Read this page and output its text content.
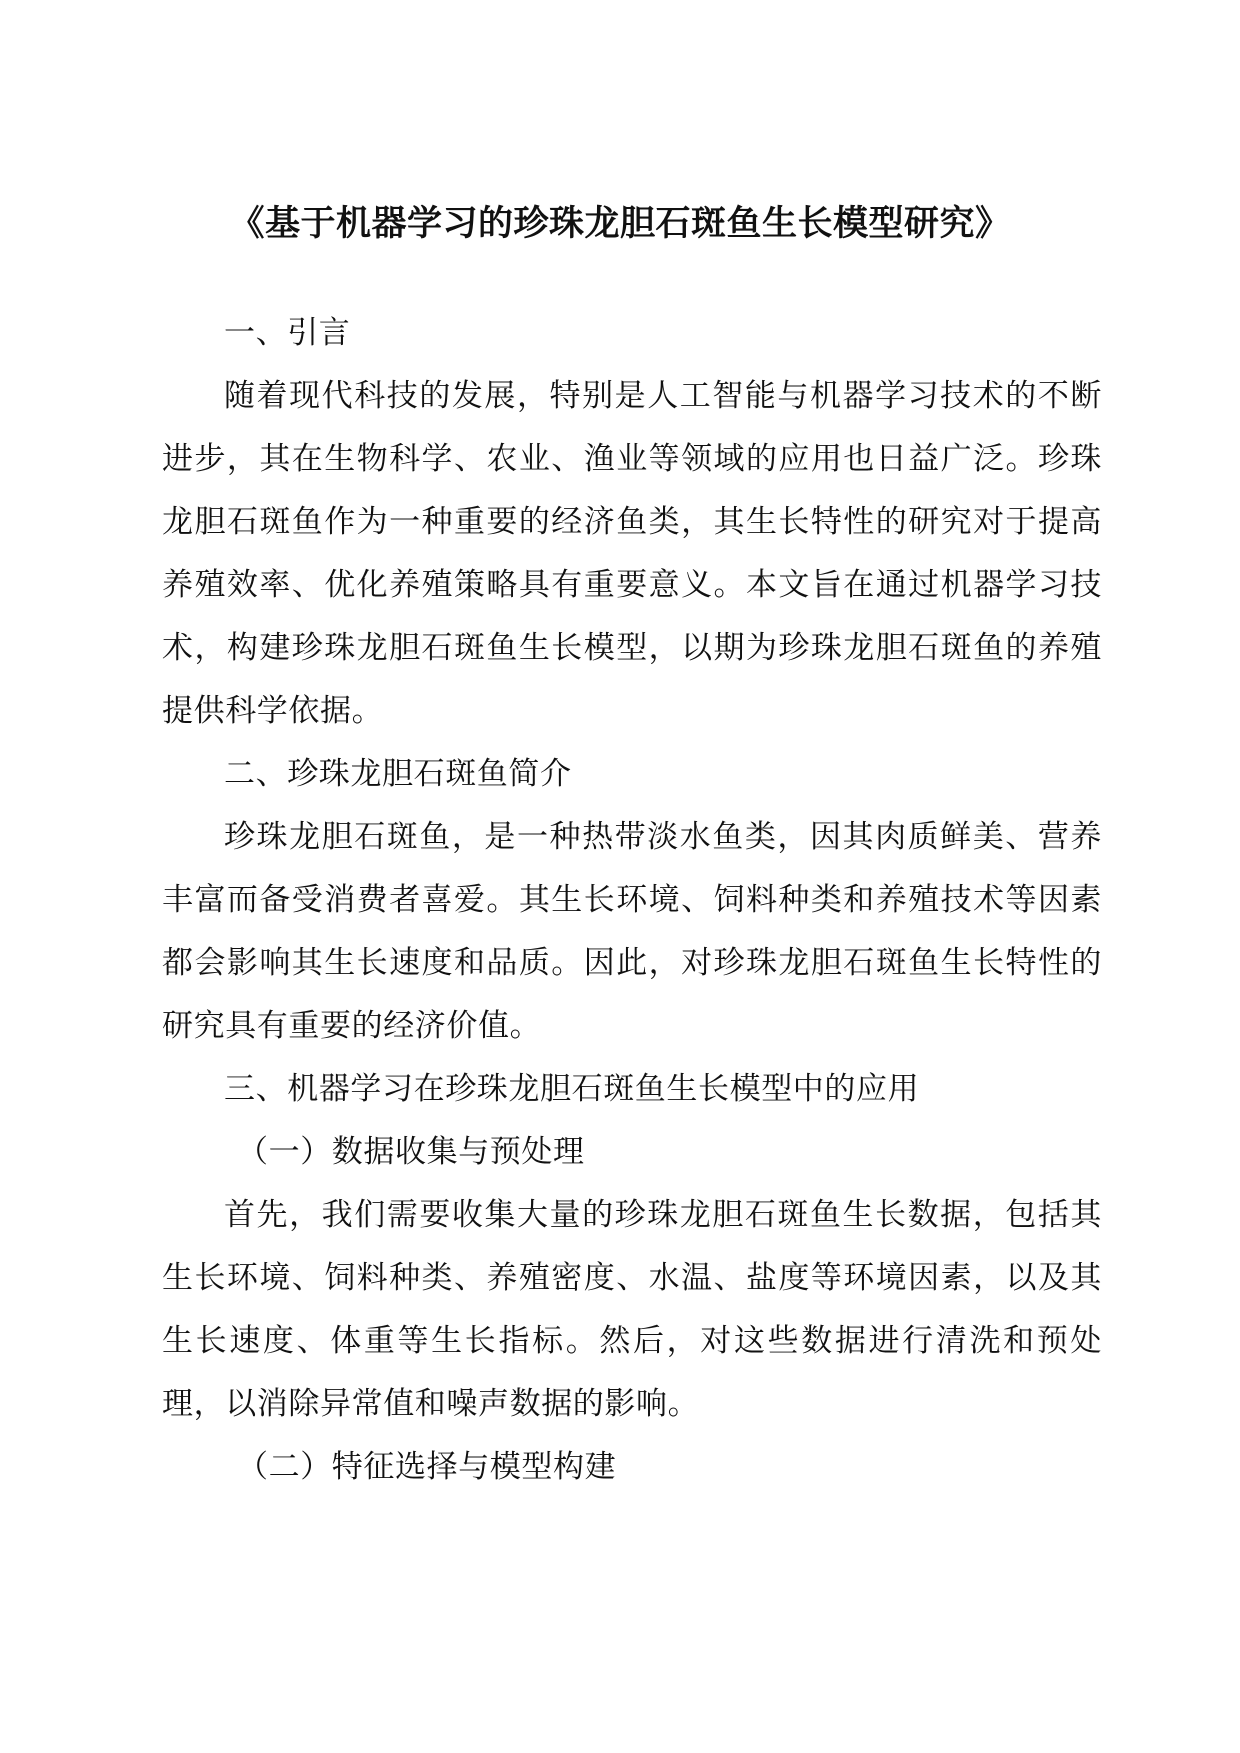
《基于机器学习的珍珠龙胆石斑鱼生长模型研究》

一、引言

随着现代科技的发展，特别是人工智能与机器学习技术的不断进步，其在生物科学、农业、渔业等领域的应用也日益广泛。珍珠龙胆石斑鱼作为一种重要的经济鱼类，其生长特性的研究对于提高养殖效率、优化养殖策略具有重要意义。本文旨在通过机器学习技术，构建珍珠龙胆石斑鱼生长模型，以期为珍珠龙胆石斑鱼的养殖提供科学依据。

二、珍珠龙胆石斑鱼简介

珍珠龙胆石斑鱼，是一种热带淡水鱼类，因其肉质鲜美、营养丰富而备受消费者喜爱。其生长环境、饲料种类和养殖技术等因素都会影响其生长速度和品质。因此，对珍珠龙胆石斑鱼生长特性的研究具有重要的经济价值。

三、机器学习在珍珠龙胆石斑鱼生长模型中的应用

（一）数据收集与预处理

首先，我们需要收集大量的珍珠龙胆石斑鱼生长数据，包括其生长环境、饲料种类、养殖密度、水温、盐度等环境因素，以及其生长速度、体重等生长指标。然后，对这些数据进行清洗和预处理，以消除异常值和噪声数据的影响。

（二）特征选择与模型构建
